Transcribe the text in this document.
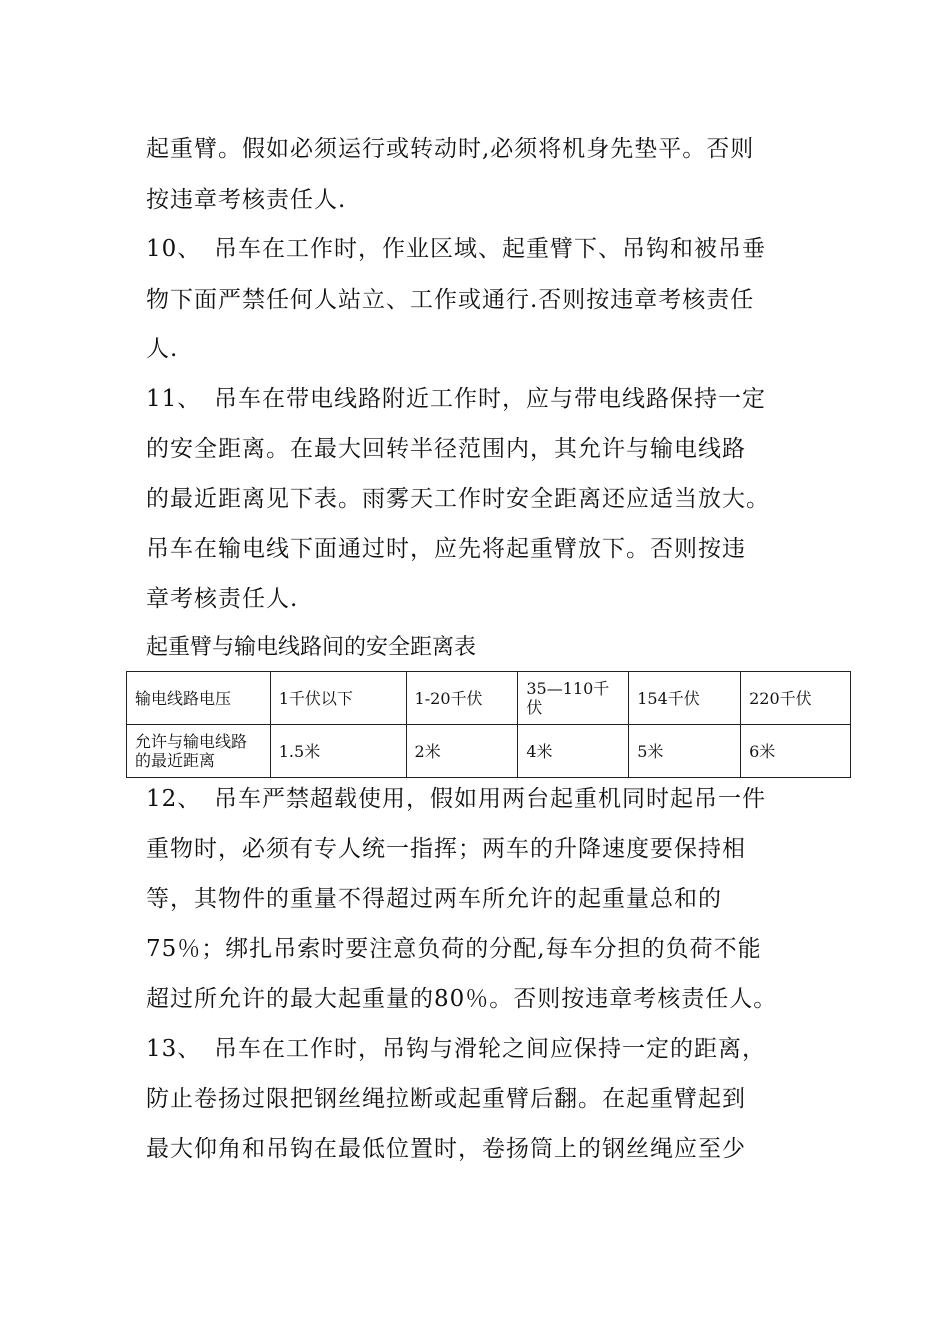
起重臂。假如必须运行或转动时,必须将机身先垫平。否则
按违章考核责任人.
10、 吊车在工作时，作业区域、起重臂下、吊钩和被吊垂
物下面严禁任何人站立、工作或通行.否则按违章考核责任
人.
11、 吊车在带电线路附近工作时，应与带电线路保持一定
的安全距离。在最大回转半径范围内，其允许与输电线路
的最近距离见下表。雨雾天工作时安全距离还应适当放大。
吊车在输电线下面通过时，应先将起重臂放下。否则按违
章考核责任人.
起重臂与输电线路间的安全距离表
输电线路电压	1千伏以下	1-20千伏	35—110千伏	154千伏	220千伏
允许与输电线路的最近距离	1.5米	2米	4米	5米	6米
12、 吊车严禁超载使用，假如用两台起重机同时起吊一件
重物时，必须有专人统一指挥；两车的升降速度要保持相
等，其物件的重量不得超过两车所允许的起重量总和的
75％；绑扎吊索时要注意负荷的分配,每车分担的负荷不能
超过所允许的最大起重量的80％。否则按违章考核责任人。
13、 吊车在工作时，吊钩与滑轮之间应保持一定的距离，
防止卷扬过限把钢丝绳拉断或起重臂后翻。在起重臂起到
最大仰角和吊钩在最低位置时，卷扬筒上的钢丝绳应至少
